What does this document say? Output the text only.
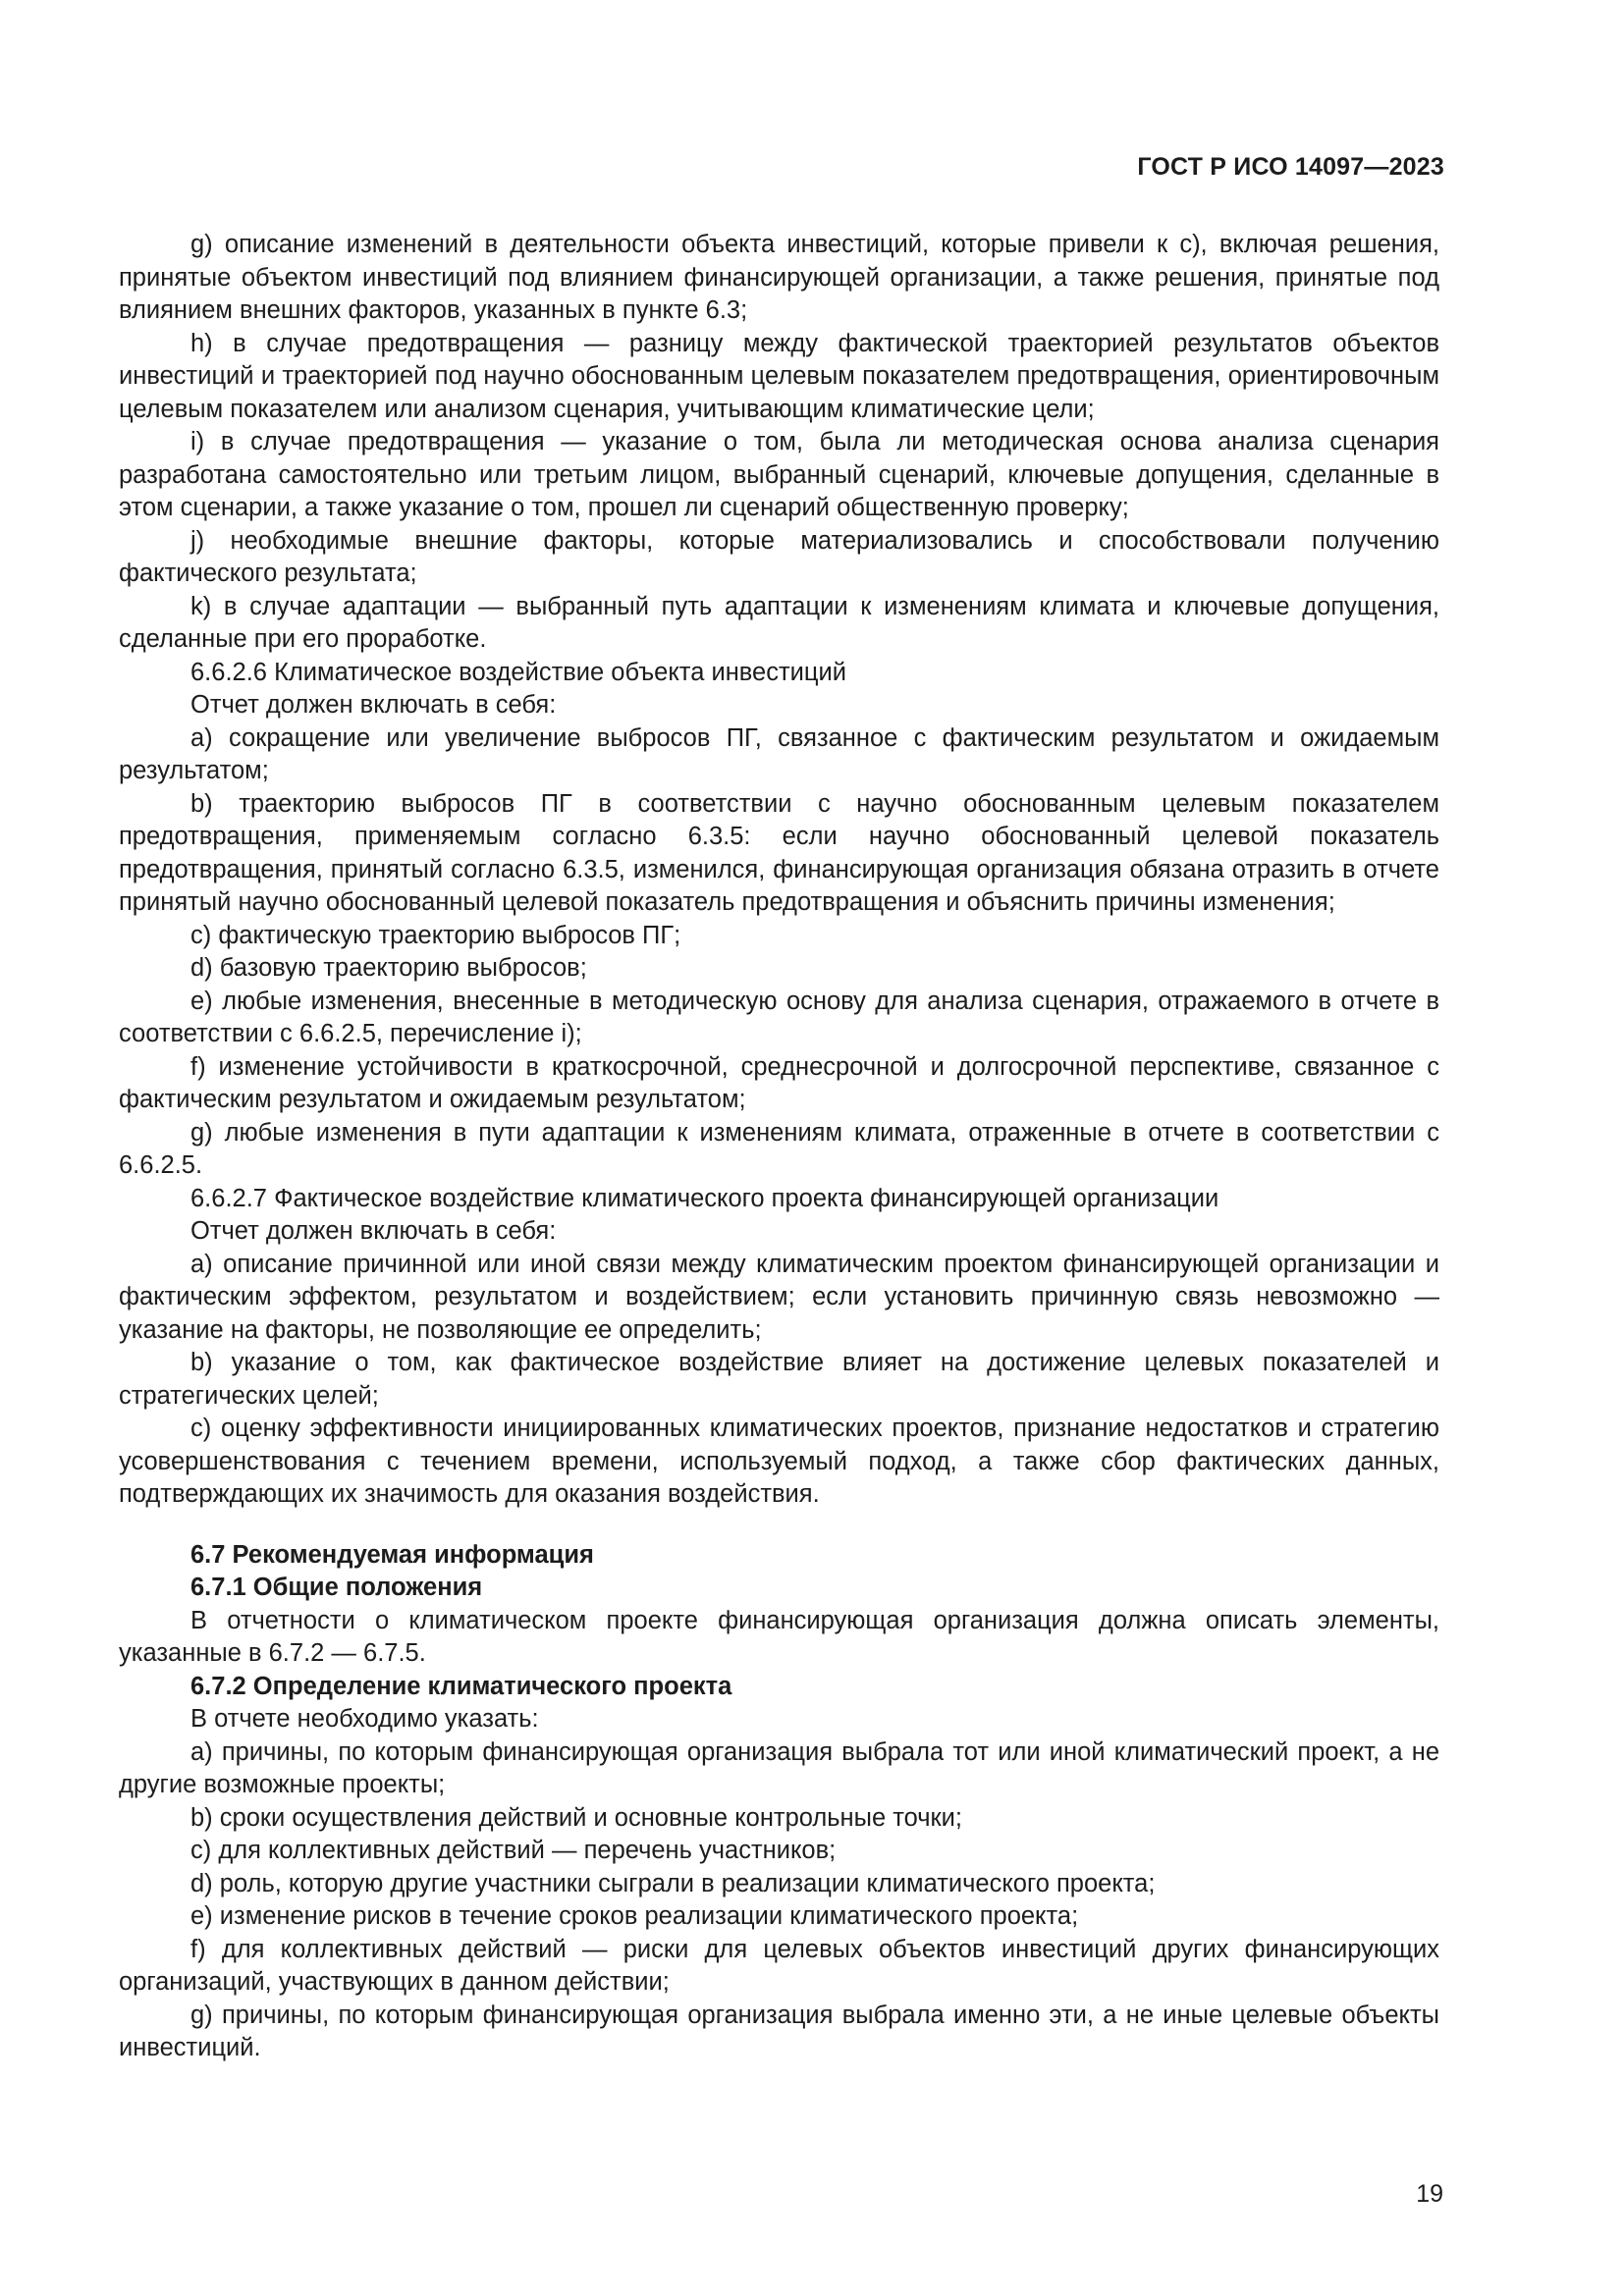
ГОСТ Р ИСО 14097—2023

g) описание изменений в деятельности объекта инвестиций, которые привели к c), включая решения, принятые объектом инвестиций под влиянием финансирующей организации, а также решения, принятые под влиянием внешних факторов, указанных в пункте 6.3;

h) в случае предотвращения — разницу между фактической траекторией результатов объектов инвестиций и траекторией под научно обоснованным целевым показателем предотвращения, ориентировочным целевым показателем или анализом сценария, учитывающим климатические цели;

i) в случае предотвращения — указание о том, была ли методическая основа анализа сценария разработана самостоятельно или третьим лицом, выбранный сценарий, ключевые допущения, сделанные в этом сценарии, а также указание о том, прошел ли сценарий общественную проверку;

j) необходимые внешние факторы, которые материализовались и способствовали получению фактического результата;

k) в случае адаптации — выбранный путь адаптации к изменениям климата и ключевые допущения, сделанные при его проработке.

6.6.2.6 Климатическое воздействие объекта инвестиций

Отчет должен включать в себя:

a) сокращение или увеличение выбросов ПГ, связанное с фактическим результатом и ожидаемым результатом;

b) траекторию выбросов ПГ в соответствии с научно обоснованным целевым показателем предотвращения, применяемым согласно 6.3.5: если научно обоснованный целевой показатель предотвращения, принятый согласно 6.3.5, изменился, финансирующая организация обязана отразить в отчете принятый научно обоснованный целевой показатель предотвращения и объяснить причины изменения;

c) фактическую траекторию выбросов ПГ;

d) базовую траекторию выбросов;

e) любые изменения, внесенные в методическую основу для анализа сценария, отражаемого в отчете в соответствии с 6.6.2.5, перечисление i);

f) изменение устойчивости в краткосрочной, среднесрочной и долгосрочной перспективе, связанное с фактическим результатом и ожидаемым результатом;

g) любые изменения в пути адаптации к изменениям климата, отраженные в отчете в соответствии с 6.6.2.5.

6.6.2.7 Фактическое воздействие климатического проекта финансирующей организации

Отчет должен включать в себя:

a) описание причинной или иной связи между климатическим проектом финансирующей организации и фактическим эффектом, результатом и воздействием; если установить причинную связь невозможно — указание на факторы, не позволяющие ее определить;

b) указание о том, как фактическое воздействие влияет на достижение целевых показателей и стратегических целей;

c) оценку эффективности инициированных климатических проектов, признание недостатков и стратегию усовершенствования с течением времени, используемый подход, а также сбор фактических данных, подтверждающих их значимость для оказания воздействия.

6.7 Рекомендуемая информация
6.7.1 Общие положения

В отчетности о климатическом проекте финансирующая организация должна описать элементы, указанные в 6.7.2 — 6.7.5.

6.7.2 Определение климатического проекта

В отчете необходимо указать:

a) причины, по которым финансирующая организация выбрала тот или иной климатический проект, а не другие возможные проекты;

b) сроки осуществления действий и основные контрольные точки;

c) для коллективных действий — перечень участников;

d) роль, которую другие участники сыграли в реализации климатического проекта;

e) изменение рисков в течение сроков реализации климатического проекта;

f) для коллективных действий — риски для целевых объектов инвестиций других финансирующих организаций, участвующих в данном действии;

g) причины, по которым финансирующая организация выбрала именно эти, а не иные целевые объекты инвестиций.

19
